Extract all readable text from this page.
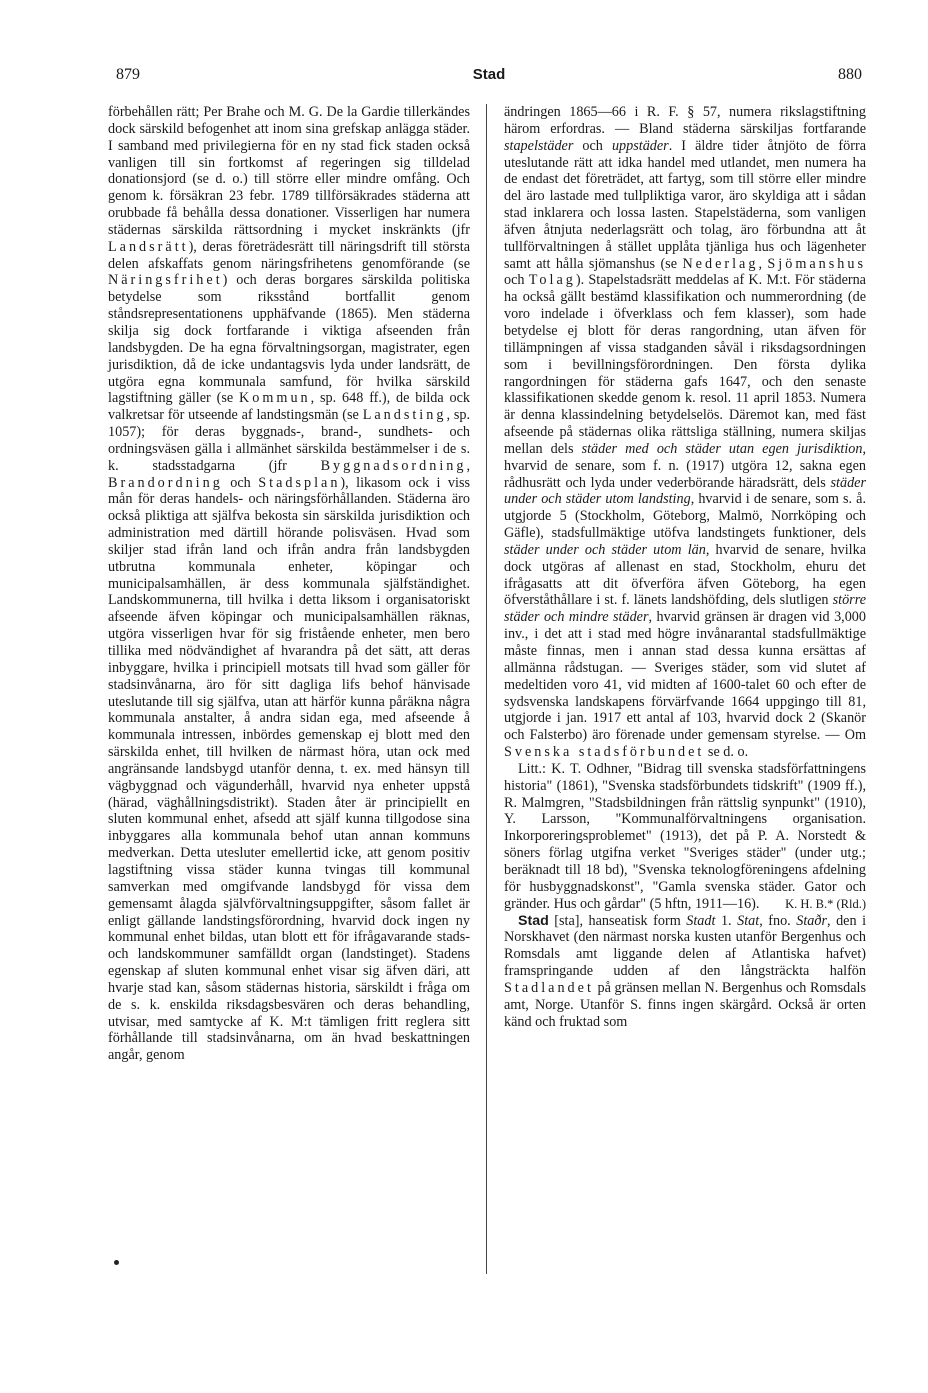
879	Stad	880

förbehållen rätt; Per Brahe och M. G. De la Gardie tillerkändes dock särskild befogenhet att inom sina grefskap anlägga städer. I samband med privilegierna för en ny stad fick staden också vanligen till sin fortkomst af regeringen sig tilldelad donationsjord (se d. o.) till större eller mindre omfång. Och genom k. försäkran 23 febr. 1789 tillförsäkrades städerna att orubbade få behålla dessa donationer. Visserligen har numera städernas särskilda rättsordning i mycket inskränkts (jfr Landsrätt), deras företrädesrätt till näringsdrift till största delen afskaffats genom näringsfrihetens genomförande (se Näringsfrihet) och deras borgares särskilda politiska betydelse som riksstånd bortfallit genom ståndsrepresentationens upphäfvande (1865). Men städerna skilja sig dock fortfarande i viktiga afseenden från landsbygden. De ha egna förvaltningsorgan, magistrater, egen jurisdiktion, då de icke undantagsvis lyda under landsrätt, de utgöra egna kommunala samfund, för hvilka särskild lagstiftning gäller (se Kommun, sp. 648 ff.), de bilda ock valkretsar för utseende af landstingsmän (se Landsting, sp. 1057); för deras byggnads-, brand-, sundhets- och ordningsväsen gälla i allmänhet särskilda bestämmelser i de s. k. stadsstadgarna (jfr Byggnadsordning, Brandordning och Stadsplan), likasom ock i viss mån för deras handels- och näringsförhållanden. Städerna äro också pliktiga att själfva bekosta sin särskilda jurisdiktion och administration med därtill hörande polisväsen. Hvad som skiljer stad ifrån land och ifrån andra från landsbygden utbrutna kommunala enheter, köpingar och municipalsamhällen, är dess kommunala själfständighet. Landskommunerna, till hvilka i detta liksom i organisatoriskt afseende äfven köpingar och municipalsamhällen räknas, utgöra visserligen hvar för sig fristående enheter, men bero tillika med nödvändighet af hvarandra på det sätt, att deras inbyggare, hvilka i principiell motsats till hvad som gäller för stadsinvånarna, äro för sitt dagliga lifs behof hänvisade uteslutande till sig själfva, utan att härför kunna påräkna några kommunala anstalter, å andra sidan ega, med afseende å kommunala intressen, inbördes gemenskap ej blott med den särskilda enhet, till hvilken de närmast höra, utan ock med angränsande landsbygd utanför denna, t. ex. med hänsyn till vägbyggnad och vägunderhåll, hvarvid nya enheter uppstå (härad, väghållningsdistrikt). Staden åter är principiellt en sluten kommunal enhet, afsedd att själf kunna tillgodose sina inbyggares alla kommunala behof utan annan kommuns medverkan. Detta utesluter emellertid icke, att genom positiv lagstiftning vissa städer kunna tvingas till kommunal samverkan med omgifvande landsbygd för vissa dem gemensamt ålagda självförvaltningsuppgifter, såsom fallet är enligt gällande landstingsförordning, hvarvid dock ingen ny kommunal enhet bildas, utan blott ett för ifrågavarande stads- och landskommuner samfälldt organ (landstinget). Stadens egenskap af sluten kommunal enhet visar sig äfven däri, att hvarje stad kan, såsom städernas historia, särskildt i fråga om de s. k. enskilda riksdagsbesvären och deras behandling, utvisar, med samtycke af K. M:t tämligen fritt reglera sitt förhållande till stadsinvånarna, om än hvad beskattningen angår, genom

ändringen 1865—66 i R. F. § 57, numera rikslagstiftning härom erfordras. — Bland städerna särskiljas fortfarande stapelstäder och uppstäder. I äldre tider åtnjöto de förra uteslutande rätt att idka handel med utlandet, men numera ha de endast det företrädet, att fartyg, som till större eller mindre del äro lastade med tullpliktiga varor, äro skyldiga att i sådan stad inklarera och lossa lasten. Stapelstäderna, som vanligen äfven åtnjuta nederlagsrätt och tolag, äro förbundna att åt tullförvaltningen å stället upplåta tjänliga hus och lägenheter samt att hålla sjömanshus (se Nederlag, Sjömanshus och Tolag). Stapelstadsrätt meddelas af K. M:t. För städerna ha också gällt bestämd klassifikation och nummerordning (de voro indelade i öfverklass och fem klasser), som hade betydelse ej blott för deras rangordning, utan äfven för tillämpningen af vissa stadganden såväl i riksdagsordningen som i bevillningsförordningen. Den första dylika rangordningen för städerna gafs 1647, och den senaste klassifikationen skedde genom k. resol. 11 april 1853. Numera är denna klassindelning betydelselös. Däremot kan, med fäst afseende på städernas olika rättsliga ställning, numera skiljas mellan dels städer med och städer utan egen jurisdiktion, hvarvid de senare, som f. n. (1917) utgöra 12, sakna egen rådhusrätt och lyda under vederbörande häradsrätt, dels städer under och städer utom landsting, hvarvid i de senare, som s. å. utgjorde 5 (Stockholm, Göteborg, Malmö, Norrköping och Gäfle), stadsfullmäktige utöfva landstingets funktioner, dels städer under och städer utom län, hvarvid de senare, hvilka dock utgöras af allenast en stad, Stockholm, ehuru det ifrågasatts att dit öfverföra äfven Göteborg, ha egen öfverståthållare i st. f. länets landshöfding, dels slutligen större städer och mindre städer, hvarvid gränsen är dragen vid 3,000 inv., i det att i stad med högre invånarantal stadsfullmäktige måste finnas, men i annan stad dessa kunna ersättas af allmänna rådstugan. — Sveriges städer, som vid slutet af medeltiden voro 41, vid midten af 1600-talet 60 och efter de sydsvenska landskapens förvärfvande 1664 uppgingo till 81, utgjorde i jan. 1917 ett antal af 103, hvarvid dock 2 (Skanör och Falsterbo) äro förenade under gemensam styrelse. — Om Svenska stadsförbundet se d. o.

Litt.: K. T. Odhner, "Bidrag till svenska stadsförfattningens historia" (1861), "Svenska stadsförbundets tidskrift" (1909 ff.), R. Malmgren, "Stadsbildningen från rättslig synpunkt" (1910), Y. Larsson, "Kommunalförvaltningens organisation. Inkorporeringsproblemet" (1913), det på P. A. Norstedt & söners förlag utgifna verket "Sveriges städer" (under utg.; beräknadt till 18 bd), "Svenska teknologföreningens afdelning för husbyggnadskonst", "Gamla svenska städer. Gator och gränder. Hus och gårdar" (5 hftn, 1911—16).	K. H. B.* (Rld.)

Stad [sta], hanseatisk form Stadt 1. Stat, fno. Staðr, den i Norskhavet (den närmast norska kusten utanför Bergenhus och Romsdals amt liggande delen af Atlantiska hafvet) framspringande udden af den långsträckta halfön Stadlandet på gränsen mellan N. Bergenhus och Romsdals amt, Norge. Utanför S. finns ingen skärgård. Också är orten känd och fruktad som
